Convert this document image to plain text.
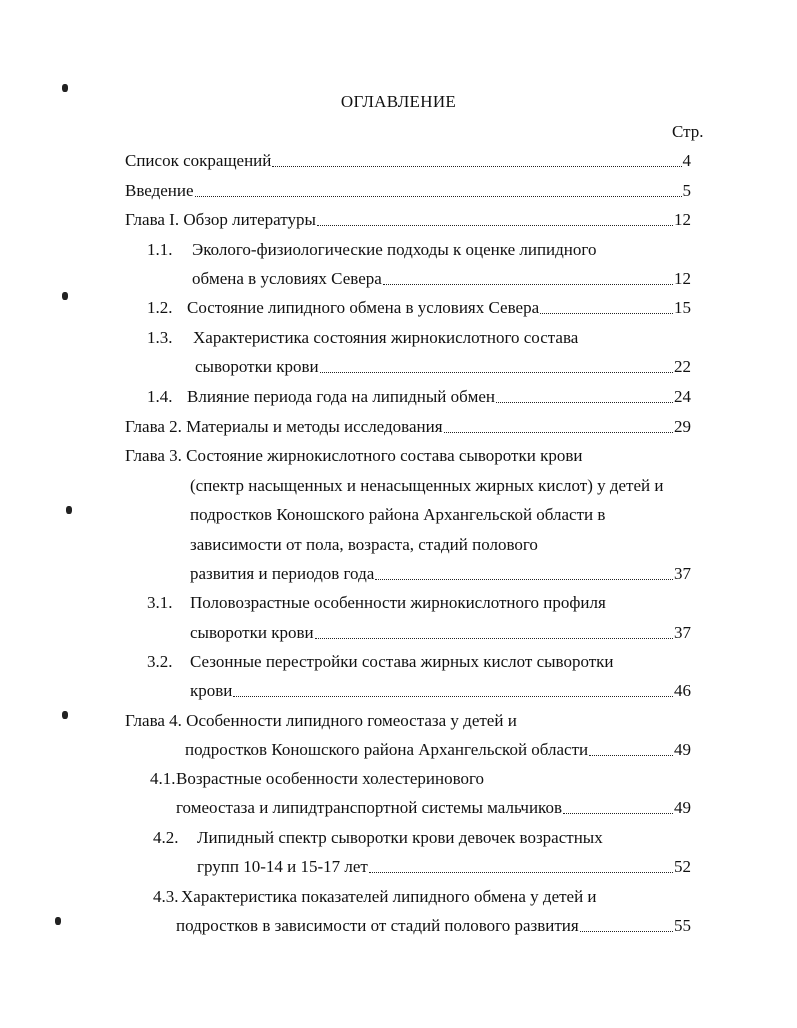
ОГЛАВЛЕНИЕ
Стр.
Список сокращений	4
Введение	5
Глава I. Обзор литературы	12
1.1. Эколого-физиологические подходы к оценке липидного
обмена в условиях Севера	12
1.2. Состояние липидного обмена в условиях Севера	15
1.3. Характеристика состояния жирнокислотного состава
сыворотки крови	22
1.4. Влияние периода года на липидный обмен	24
Глава 2. Материалы и методы исследования	29
Глава 3. Состояние жирнокислотного состава сыворотки крови
(спектр насыщенных и ненасыщенных жирных кислот) у детей и
подростков Коношского района Архангельской области в
зависимости от пола, возраста, стадий полового
развития и периодов года	37
3.1. Половозрастные особенности жирнокислотного профиля
сыворотки крови	37
3.2. Сезонные перестройки состава жирных кислот сыворотки
крови	46
Глава 4. Особенности липидного гомеостаза у детей и
подростков Коношского района Архангельской области	49
4.1. Возрастные особенности холестеринового
гомеостаза и липидтранспортной системы мальчиков	49
4.2. Липидный спектр сыворотки крови девочек возрастных
групп 10-14 и 15-17 лет	52
4.3. Характеристика показателей липидного обмена у детей и
подростков в зависимости от стадий полового развития	55
